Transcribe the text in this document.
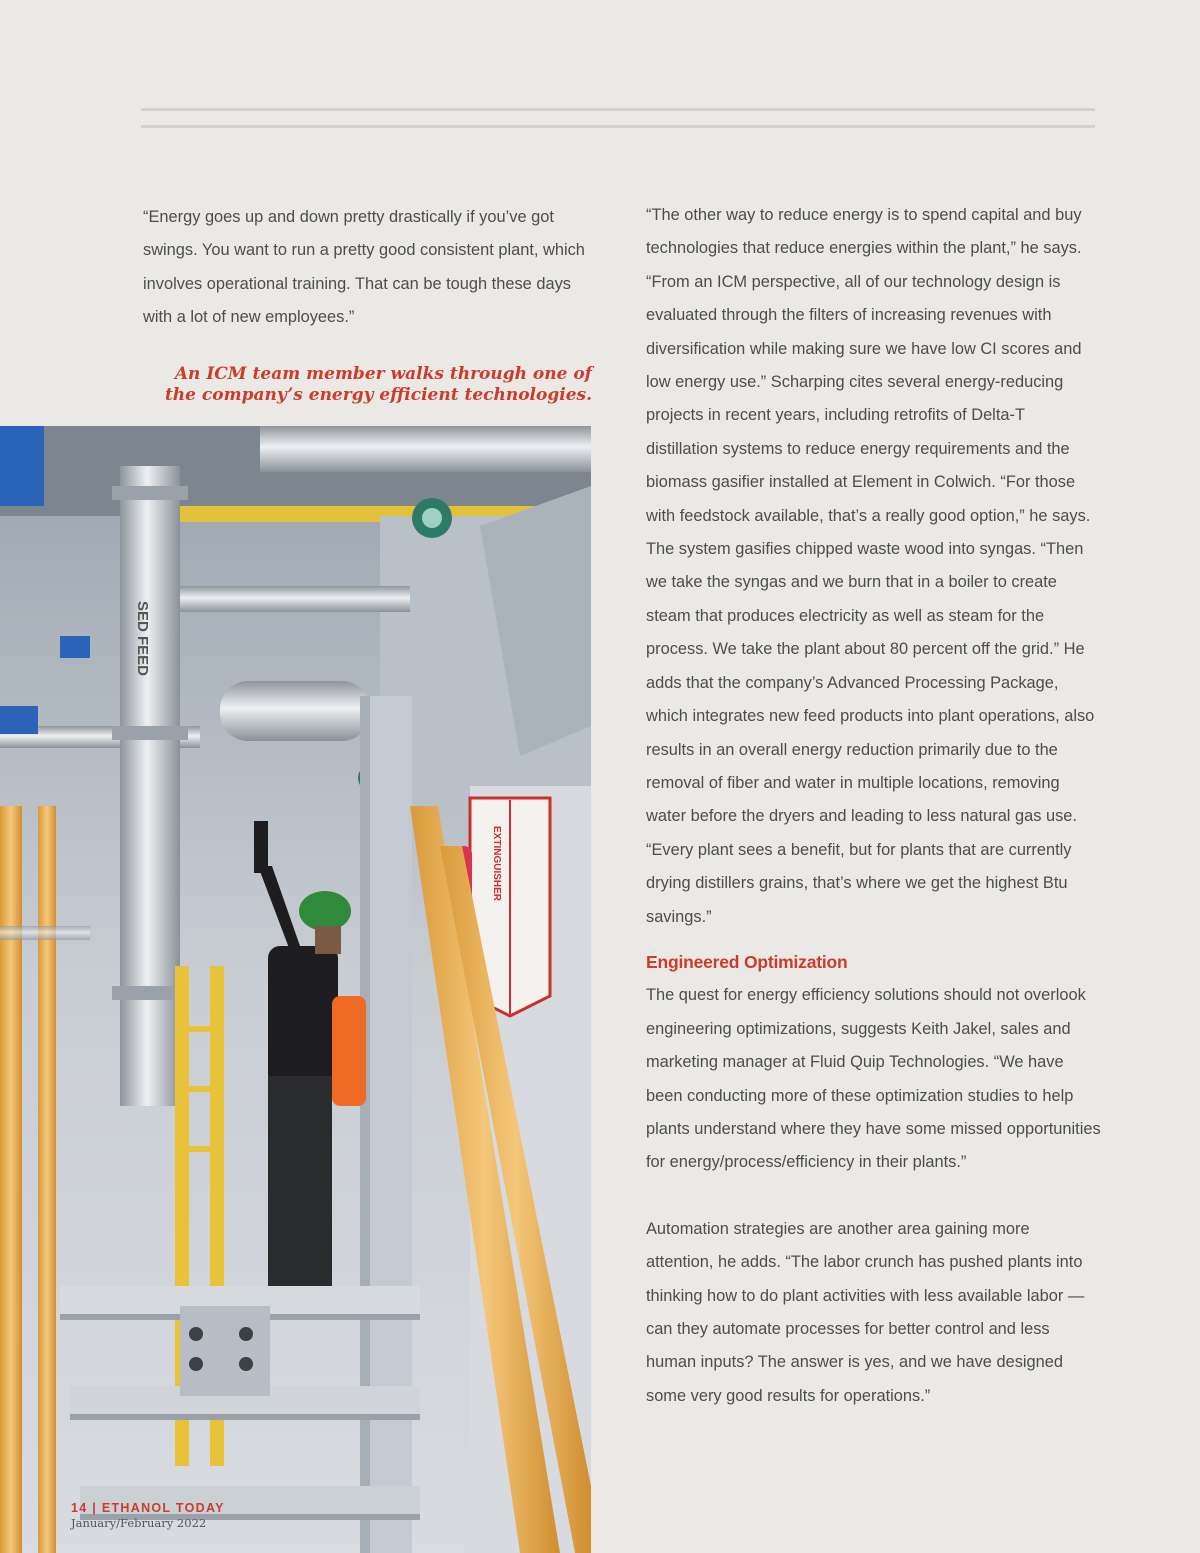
“Energy goes up and down pretty drastically if you’ve got swings. You want to run a pretty good consistent plant, which involves operational training. That can be tough these days with a lot of new employees.”

An ICM team member walks through one of
the company’s energy efficient technologies.
SED FEED
EXTINGUISHER

“The other way to reduce energy is to spend capital and buy technologies that reduce energies within the plant,” he says. “From an ICM perspective, all of our technology design is evaluated through the filters of increasing revenues with diversification while making sure we have low CI scores and low energy use.” Scharping cites several energy-reducing projects in recent years, including retrofits of Delta-T distillation systems to reduce energy requirements and the biomass gasifier installed at Element in Colwich. “For those with feedstock available, that’s a really good option,” he says. The system gasifies chipped waste wood into syngas. “Then we take the syngas and we burn that in a boiler to create steam that produces electricity as well as steam for the process. We take the plant about 80 percent off the grid.” He adds that the company’s Advanced Processing Package, which integrates new feed products into plant operations, also results in an overall energy reduction primarily due to the removal of fiber and water in multiple locations, removing water before the dryers and leading to less natural gas use. “Every plant sees a benefit, but for plants that are currently drying distillers grains, that’s where we get the highest Btu savings.”

Engineered Optimization

The quest for energy efficiency solutions should not overlook engineering optimizations, suggests Keith Jakel, sales and marketing manager at Fluid Quip Technologies. “We have been conducting more of these optimization studies to help plants understand where they have some missed opportunities for energy/process/efficiency in their plants.”

Automation strategies are another area gaining more attention, he adds. “The labor crunch has pushed plants into thinking how to do plant activities with less available labor — can they automate processes for better control and less human inputs? The answer is yes, and we have designed some very good results for operations.”

14 | ETHANOL TODAY
January/February 2022
